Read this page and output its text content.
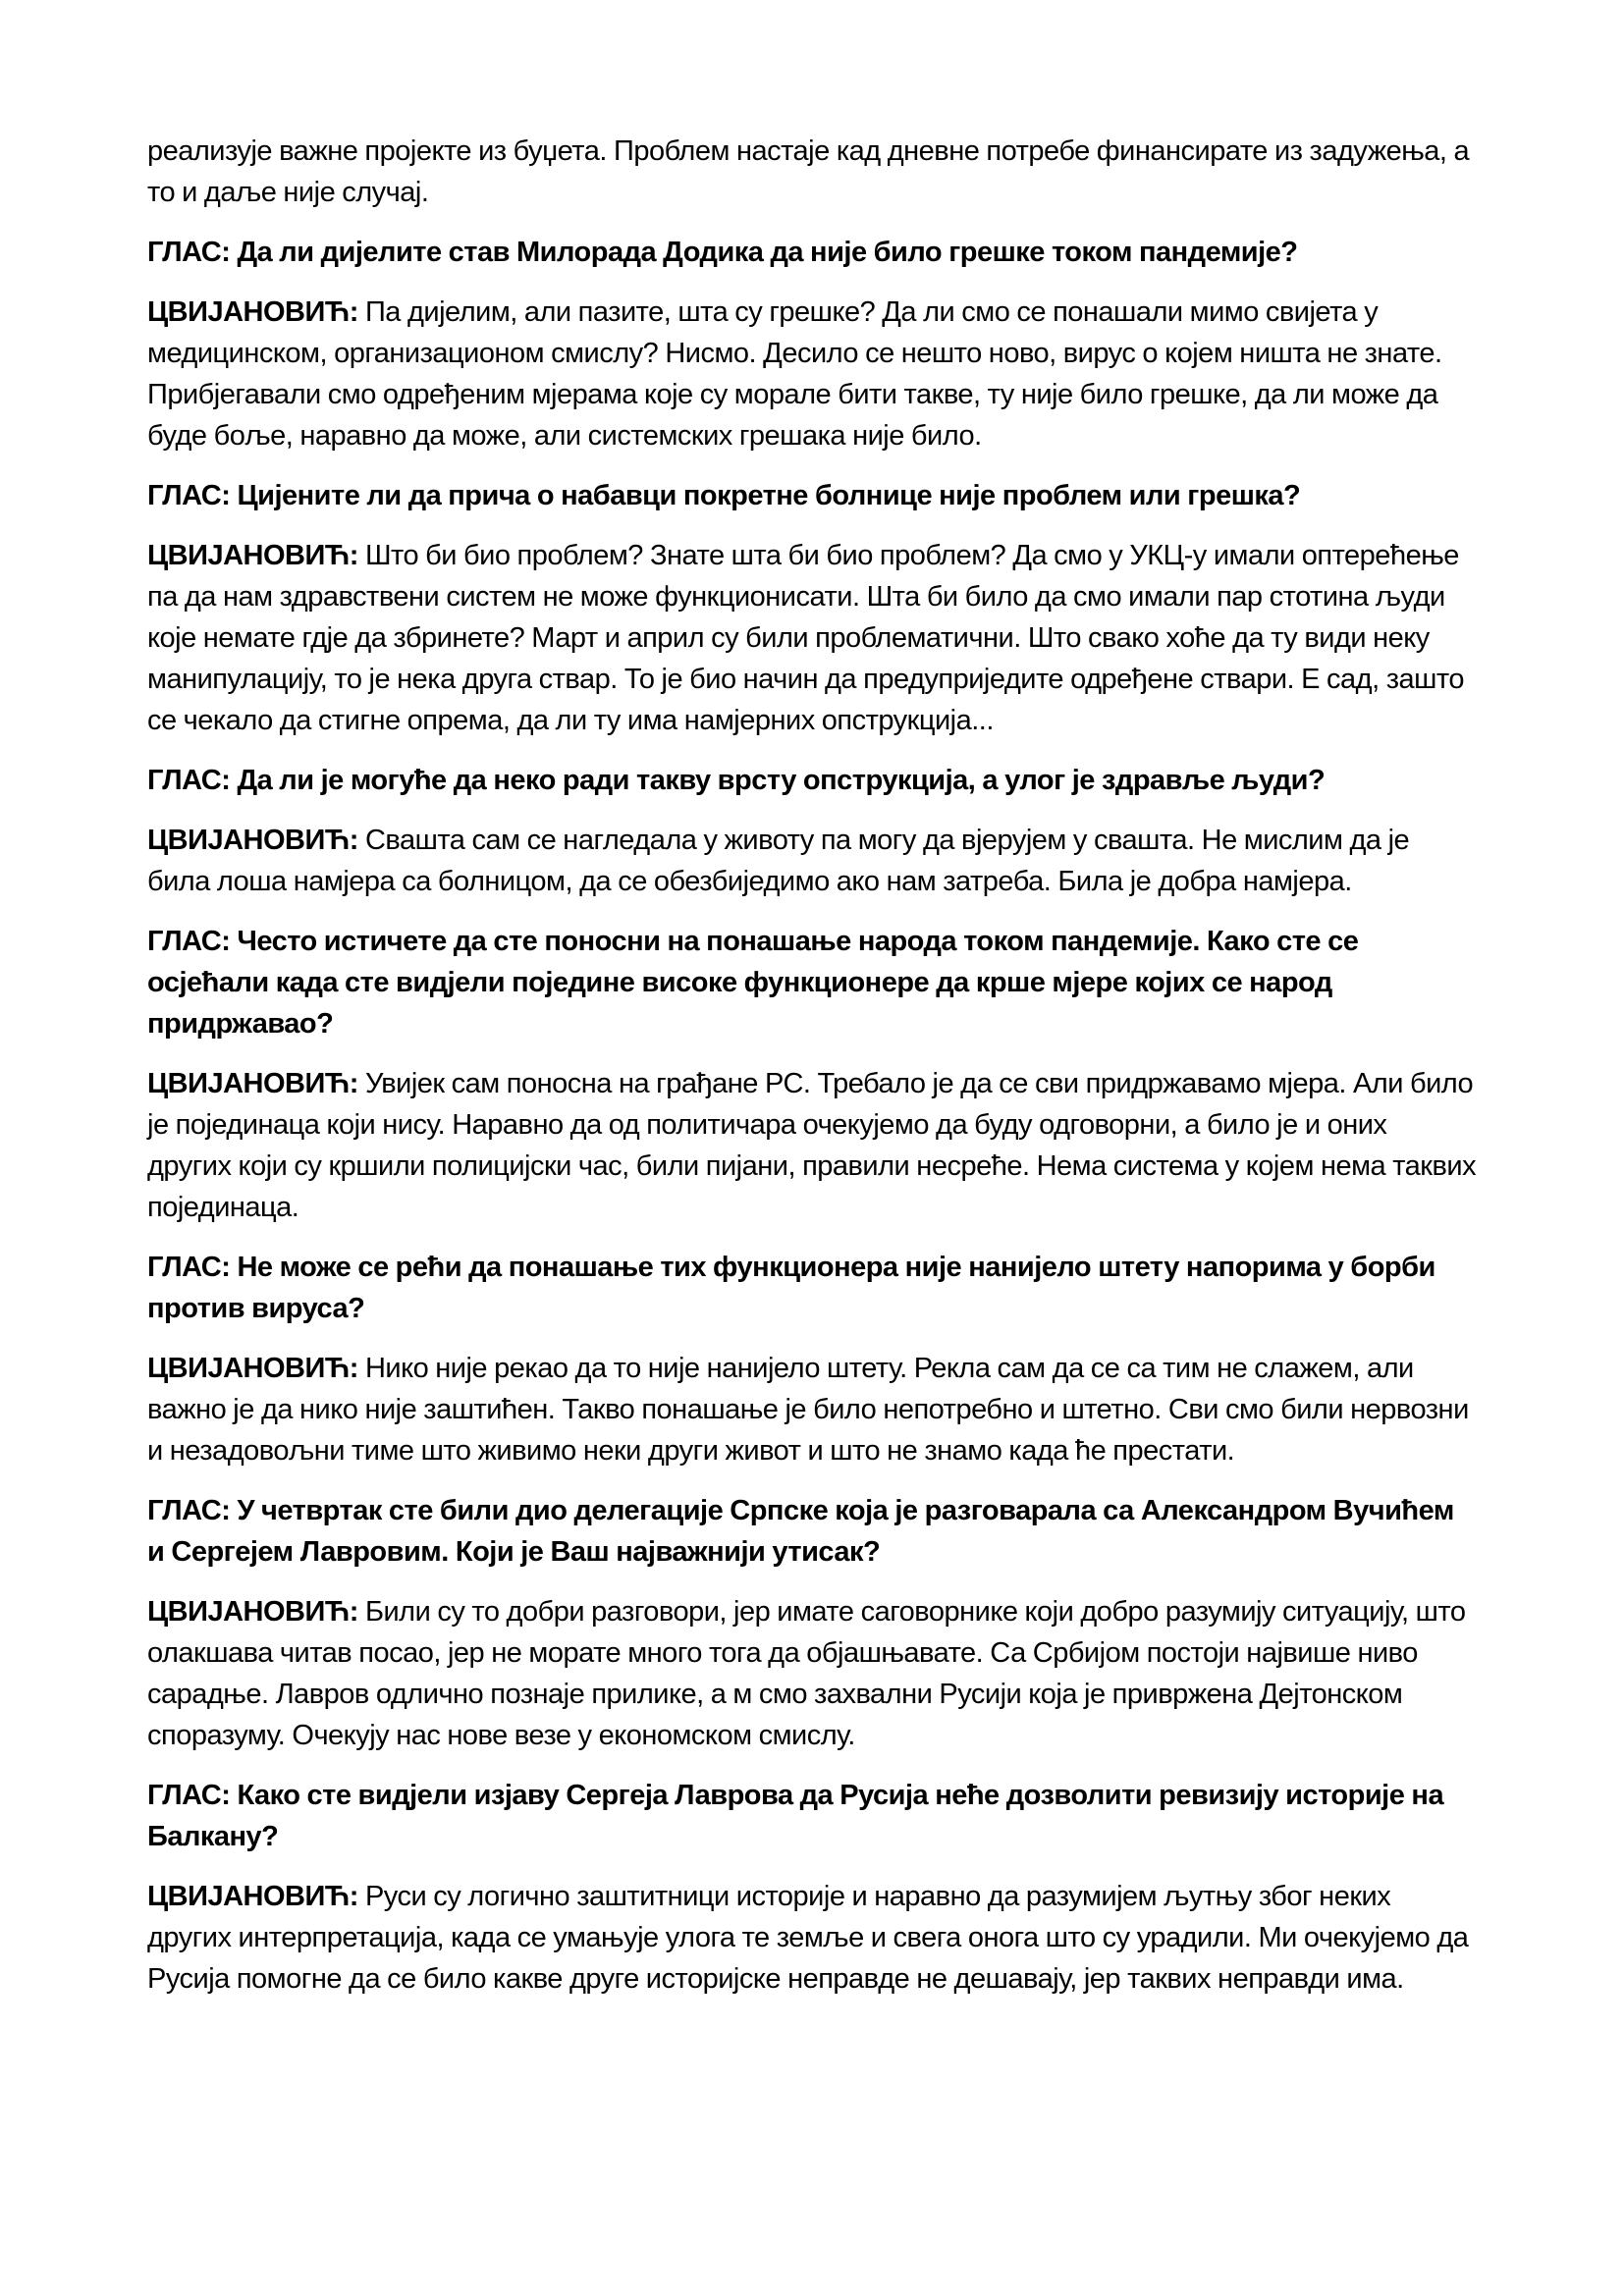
реализује важне пројекте из буџета. Проблем настаје кад дневне потребе финансирате из задужења, а то и даље није случај.

ГЛАС: Да ли дијелите став Милорада Додика да није било грешке током пандемије?

ЦВИЈАНОВИЋ: Па дијелим, али пазите, шта су грешке? Да ли смо се понашали мимо свијета у медицинском, организационом смислу? Нисмо. Десило се нешто ново, вирус о којем ништа не знате. Прибјегавали смо одређеним мјерама које су морале бити такве, ту није било грешке, да ли може да буде боље, наравно да може, али системских грешака није било.

ГЛАС: Цијените ли да прича о набавци покретне болнице није проблем или грешка?

ЦВИЈАНОВИЋ: Што би био проблем? Знате шта би био проблем? Да смо у УКЦ-у имали оптерећење па да нам здравствени систем не може функционисати. Шта би било да смо имали пар стотина људи које немате гдје да збринете? Март и април су били проблематични. Што свако хоће да ту види неку манипулацију, то је нека друга ствар. То је био начин да предуприједите одређене ствари. Е сад, зашто се чекало да стигне опрема, да ли ту има намјерних опструкција...

ГЛАС: Да ли је могуће да неко ради такву врсту опструкција, а улог је здравље људи?

ЦВИЈАНОВИЋ: Свашта сам се нагледала у животу па могу да вјерујем у свашта. Не мислим да је била лоша намјера са болницом, да се обезбиједимо ако нам затреба. Била је добра намјера.

ГЛАС: Често истичете да сте поносни на понашање народа током пандемије. Како сте се осјећали када сте видјели поједине високе функционере да крше мјере којих се народ придржавао?

ЦВИЈАНОВИЋ: Увијек сам поносна на грађане РС. Требало је да се сви придржавамо мјера. Али било је појединаца који нису. Наравно да од политичара очекујемо да буду одговорни, а било је и оних других који су кршили полицијски час, били пијани, правили несреће. Нема система у којем нема таквих појединаца.

ГЛАС: Не може се рећи да понашање тих функционера није нанијело штету напорима у борби против вируса?

ЦВИЈАНОВИЋ: Нико није рекао да то није нанијело штету. Рекла сам да се са тим не слажем, али важно је да нико није заштићен. Такво понашање је било непотребно и штетно. Сви смо били нервозни и незадовољни тиме што живимо неки други живот и што не знамо када ће престати.

ГЛАС: У четвртак сте били дио делегације Српске која је разговарала са Александром Вучићем и Сергејем Лавровим. Који је Ваш најважнији утисак?

ЦВИЈАНОВИЋ: Били су то добри разговори, јер имате саговорнике који добро разумију ситуацију, што олакшава читав посао, јер не морате много тога да објашњавате. Са Србијом постоји највише ниво сарадње. Лавров одлично познаје прилике, а м смо захвални Русији која је привржена Дејтонском споразуму. Очекују нас нове везе у економском смислу.

ГЛАС: Како сте видјели изјаву Сергеја Лаврова да Русија неће дозволити ревизију историје на Балкану?

ЦВИЈАНОВИЋ: Руси су логично заштитници историје и наравно да разумијем љутњу због неких других интерпретација, када се умањује улога те земље и свега онога што су урадили. Ми очекујемо да Русија помогне да се било какве друге историјске неправде не дешавају, јер таквих неправди има.
